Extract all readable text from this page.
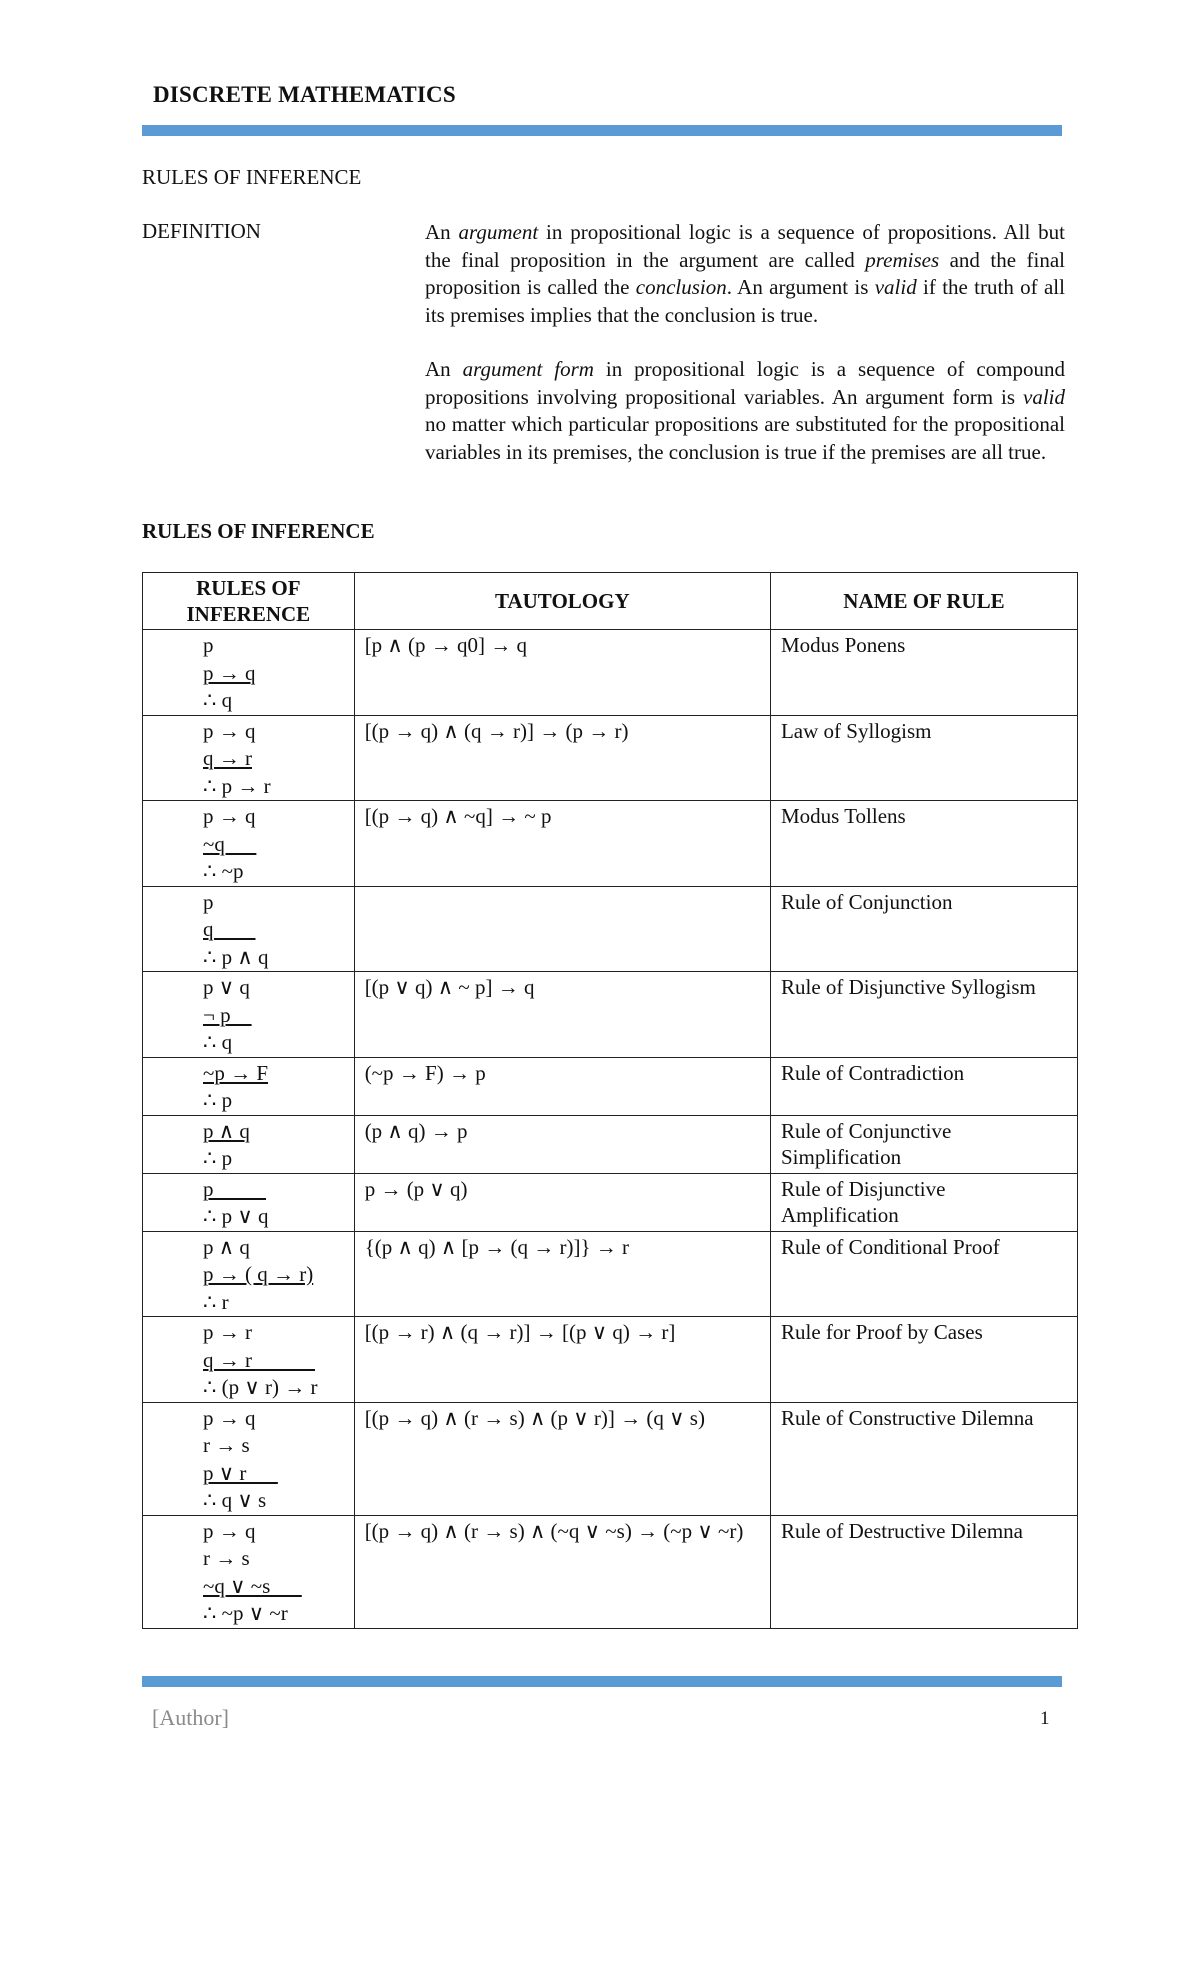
DISCRETE MATHEMATICS
RULES OF INFERENCE
DEFINITION	An argument in propositional logic is a sequence of propositions. All but the final proposition in the argument are called premises and the final proposition is called the conclusion. An argument is valid if the truth of all its premises implies that the conclusion is true.

An argument form in propositional logic is a sequence of compound propositions involving propositional variables. An argument form is valid no matter which particular propositions are substituted for the propositional variables in its premises, the conclusion is true if the premises are all true.

RULES OF INFERENCE
RULES OF INFERENCE	TAUTOLOGY	NAME OF RULE

p
p → q
∴ q	[p ∧ (p → q0] → q	Modus Ponens

p → q
q → r
∴ p → r	[(p → q) ∧ (q → r)] → (p → r)	Law of Syllogism

p → q
~q
∴ ~p	[(p → q) ∧ ~q] → ~ p	Modus Tollens

p
q
∴ p ∧ q		Rule of Conjunction

p ∨ q
¬ p
∴ q	[(p ∨ q) ∧ ~ p] → q	Rule of Disjunctive Syllogism

~p → F
∴ p	(~p → F) → p	Rule of Contradiction

p ∧ q
∴ p	(p ∧ q) → p	Rule of Conjunctive Simplification

p
∴ p ∨ q	p → (p ∨ q)	Rule of Disjunctive Amplification

p ∧ q
p → ( q → r)
∴ r	{(p ∧ q) ∧ [p → (q → r)]} → r	Rule of Conditional Proof

p → r
q → r
∴ (p ∨ r) → r	[(p → r) ∧ (q → r)] → [(p ∨ q) → r]	Rule for Proof by Cases

p → q
r → s
p ∨ r
∴ q ∨ s	[(p → q) ∧ (r → s) ∧ (p ∨ r)] → (q ∨ s)	Rule of Constructive Dilemna

p → q
r → s
~q ∨ ~s
∴ ~p ∨ ~r	[(p → q) ∧ (r → s) ∧ (~q ∨ ~s) → (~p ∨ ~r)	Rule of Destructive Dilemna
[Author]	1
